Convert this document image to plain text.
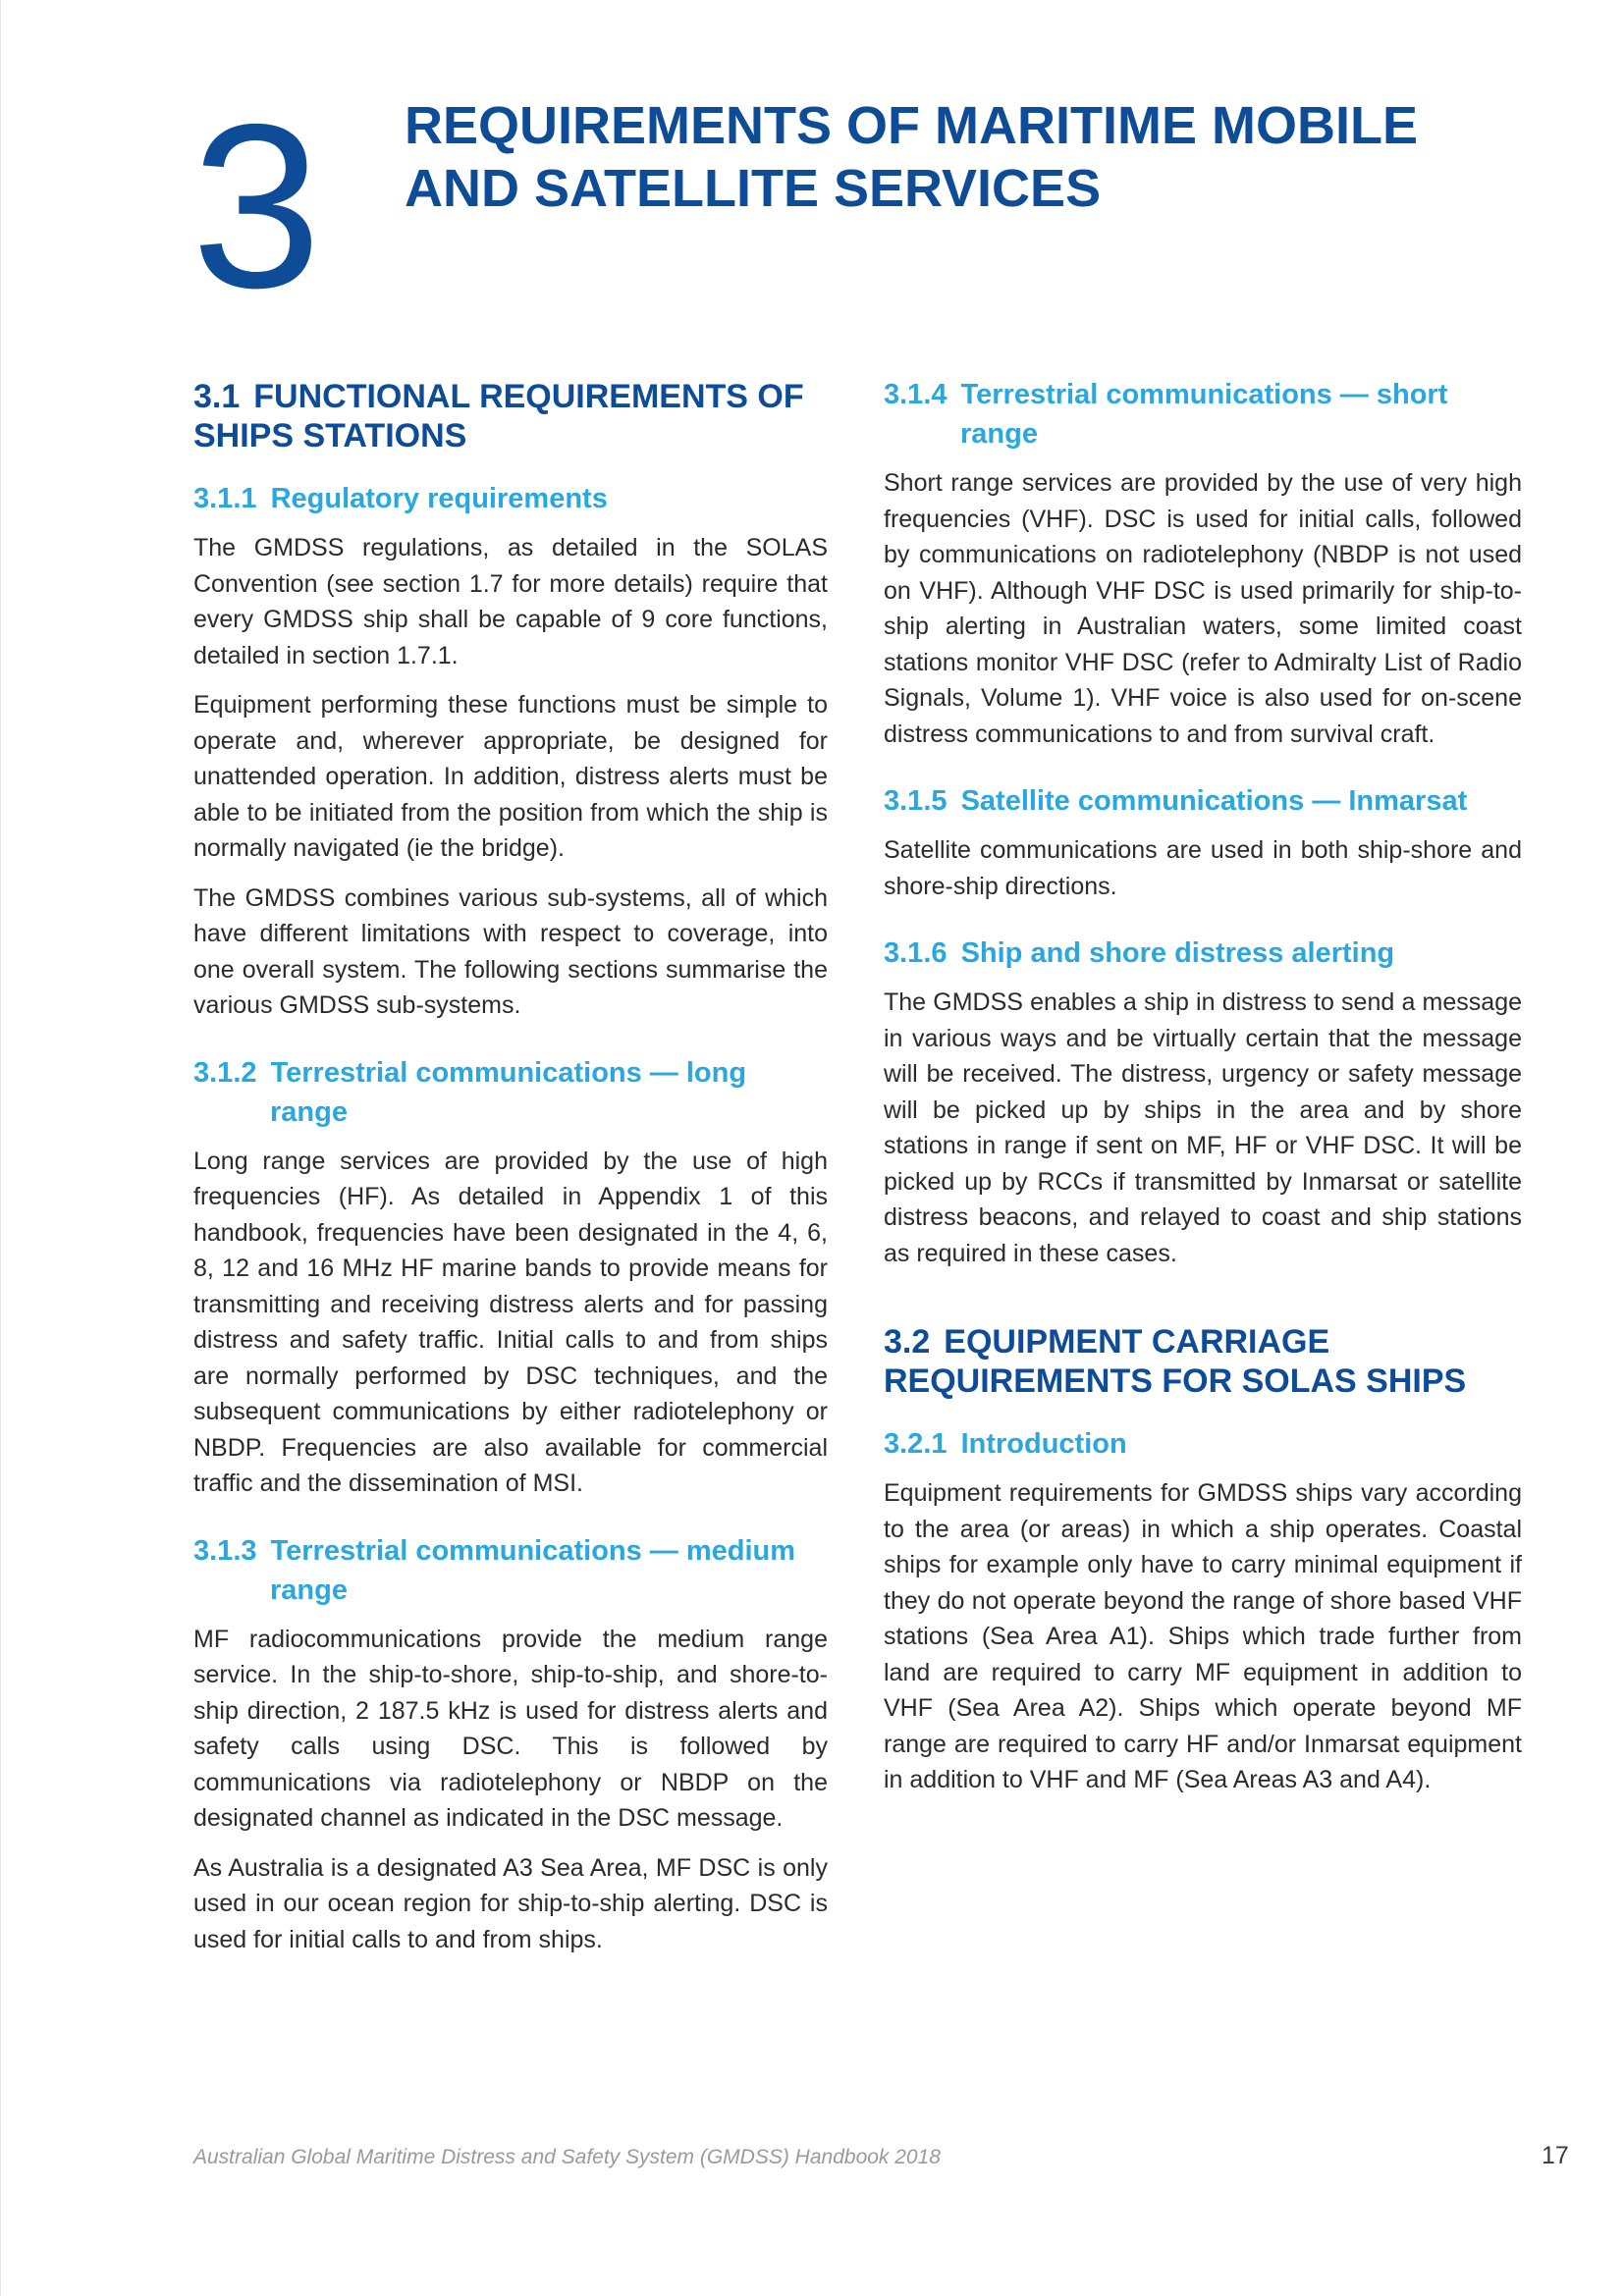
3 REQUIREMENTS OF MARITIME MOBILE AND SATELLITE SERVICES
3.1 FUNCTIONAL REQUIREMENTS OF SHIPS STATIONS
3.1.1 Regulatory requirements

The GMDSS regulations, as detailed in the SOLAS Convention (see section 1.7 for more details) require that every GMDSS ship shall be capable of 9 core functions, detailed in section 1.7.1.

Equipment performing these functions must be simple to operate and, wherever appropriate, be designed for unattended operation. In addition, distress alerts must be able to be initiated from the position from which the ship is normally navigated (ie the bridge).

The GMDSS combines various sub-systems, all of which have different limitations with respect to coverage, into one overall system. The following sections summarise the various GMDSS sub-systems.

3.1.2 Terrestrial communications — long range

Long range services are provided by the use of high frequencies (HF). As detailed in Appendix 1 of this handbook, frequencies have been designated in the 4, 6, 8, 12 and 16 MHz HF marine bands to provide means for transmitting and receiving distress alerts and for passing distress and safety traffic. Initial calls to and from ships are normally performed by DSC techniques, and the subsequent communications by either radiotelephony or NBDP. Frequencies are also available for commercial traffic and the dissemination of MSI.

3.1.3 Terrestrial communications — medium range

MF radiocommunications provide the medium range service. In the ship-to-shore, ship-to-ship, and shore-to-ship direction, 2 187.5 kHz is used for distress alerts and safety calls using DSC. This is followed by communications via radiotelephony or NBDP on the designated channel as indicated in the DSC message.

As Australia is a designated A3 Sea Area, MF DSC is only used in our ocean region for ship-to-ship alerting. DSC is used for initial calls to and from ships.

3.1.4 Terrestrial communications — short range

Short range services are provided by the use of very high frequencies (VHF). DSC is used for initial calls, followed by communications on radiotelephony (NBDP is not used on VHF). Although VHF DSC is used primarily for ship-to-ship alerting in Australian waters, some limited coast stations monitor VHF DSC (refer to Admiralty List of Radio Signals, Volume 1). VHF voice is also used for on-scene distress communications to and from survival craft.

3.1.5 Satellite communications — Inmarsat

Satellite communications are used in both ship-shore and shore-ship directions.

3.1.6 Ship and shore distress alerting

The GMDSS enables a ship in distress to send a message in various ways and be virtually certain that the message will be received. The distress, urgency or safety message will be picked up by ships in the area and by shore stations in range if sent on MF, HF or VHF DSC. It will be picked up by RCCs if transmitted by Inmarsat or satellite distress beacons, and relayed to coast and ship stations as required in these cases.

3.2 EQUIPMENT CARRIAGE REQUIREMENTS FOR SOLAS SHIPS
3.2.1 Introduction

Equipment requirements for GMDSS ships vary according to the area (or areas) in which a ship operates. Coastal ships for example only have to carry minimal equipment if they do not operate beyond the range of shore based VHF stations (Sea Area A1). Ships which trade further from land are required to carry MF equipment in addition to VHF (Sea Area A2). Ships which operate beyond MF range are required to carry HF and/or Inmarsat equipment in addition to VHF and MF (Sea Areas A3 and A4).

Australian Global Maritime Distress and Safety System (GMDSS) Handbook 2018	17
